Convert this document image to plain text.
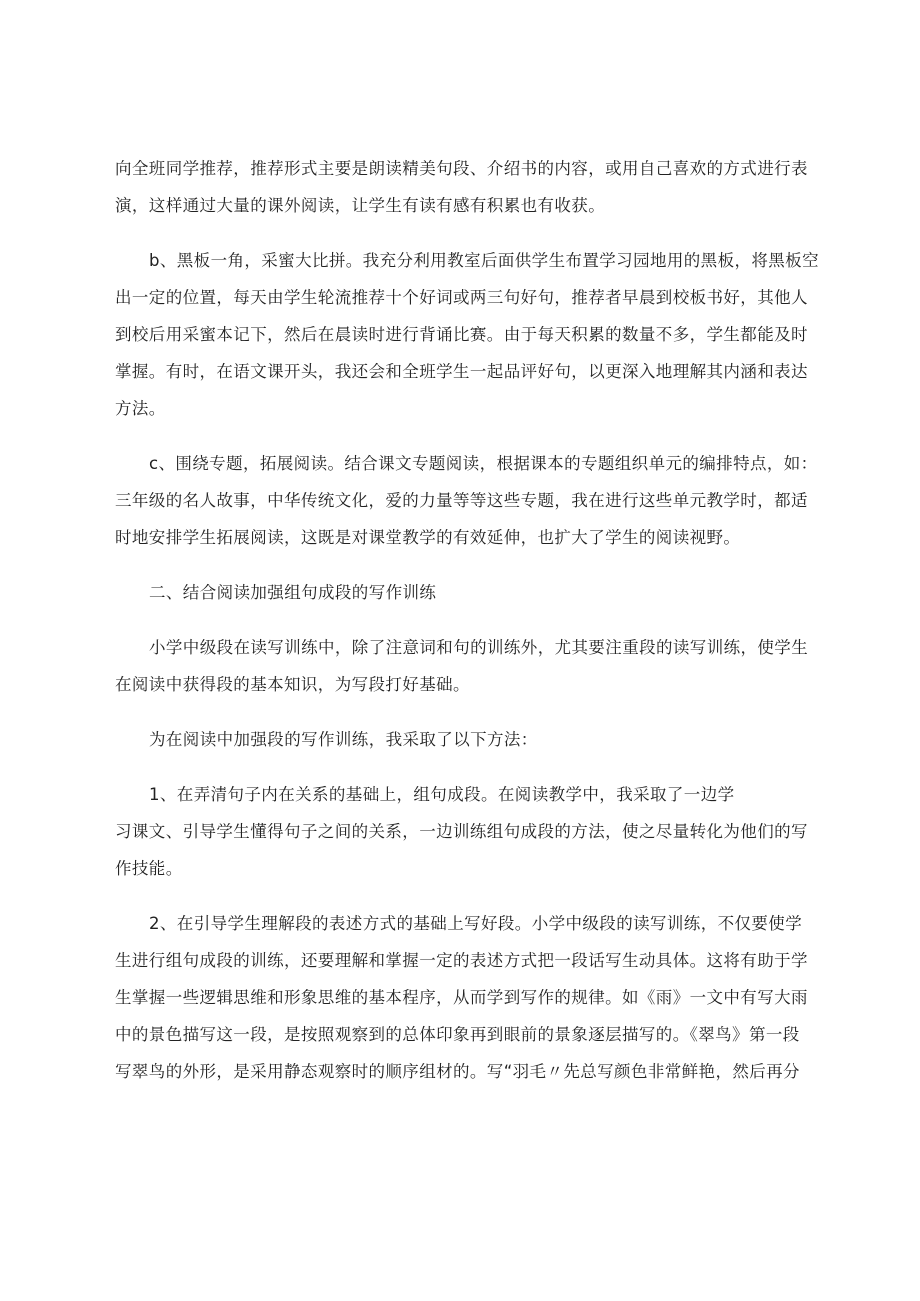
向全班同学推荐，推荐形式主要是朗读精美句段、介绍书的内容，或用自己喜欢的方式进行表
演，这样通过大量的课外阅读，让学生有读有感有积累也有收获。
b、黑板一角，采蜜大比拼。我充分利用教室后面供学生布置学习园地用的黑板，将黑板空
出一定的位置，每天由学生轮流推荐十个好词或两三句好句，推荐者早晨到校板书好，其他人
到校后用采蜜本记下，然后在晨读时进行背诵比赛。由于每天积累的数量不多，学生都能及时
掌握。有时，在语文课开头，我还会和全班学生一起品评好句，以更深入地理解其内涵和表达
方法。
c、围绕专题，拓展阅读。结合课文专题阅读，根据课本的专题组织单元的编排特点，如：
三年级的名人故事，中华传统文化，爱的力量等等这些专题，我在进行这些单元教学时，都适
时地安排学生拓展阅读，这既是对课堂教学的有效延伸，也扩大了学生的阅读视野。
二、结合阅读加强组句成段的写作训练
小学中级段在读写训练中，除了注意词和句的训练外，尤其要注重段的读写训练，使学生
在阅读中获得段的基本知识，为写段打好基础。
为在阅读中加强段的写作训练，我采取了以下方法：
1、在弄清句子内在关系的基础上，组句成段。在阅读教学中，我采取了一边学
习课文、引导学生懂得句子之间的关系，一边训练组句成段的方法，使之尽量转化为他们的写
作技能。
2、在引导学生理解段的表述方式的基础上写好段。小学中级段的读写训练，不仅要使学
生进行组句成段的训练，还要理解和掌握一定的表述方式把一段话写生动具体。这将有助于学
生掌握一些逻辑思维和形象思维的基本程序，从而学到写作的规律。如《雨》一文中有写大雨
中的景色描写这一段，是按照观察到的总体印象再到眼前的景象逐层描写的。《翠鸟》第一段
写翠鸟的外形，是采用静态观察时的顺序组材的。写“羽毛〃先总写颜色非常鲜艳，然后再分
